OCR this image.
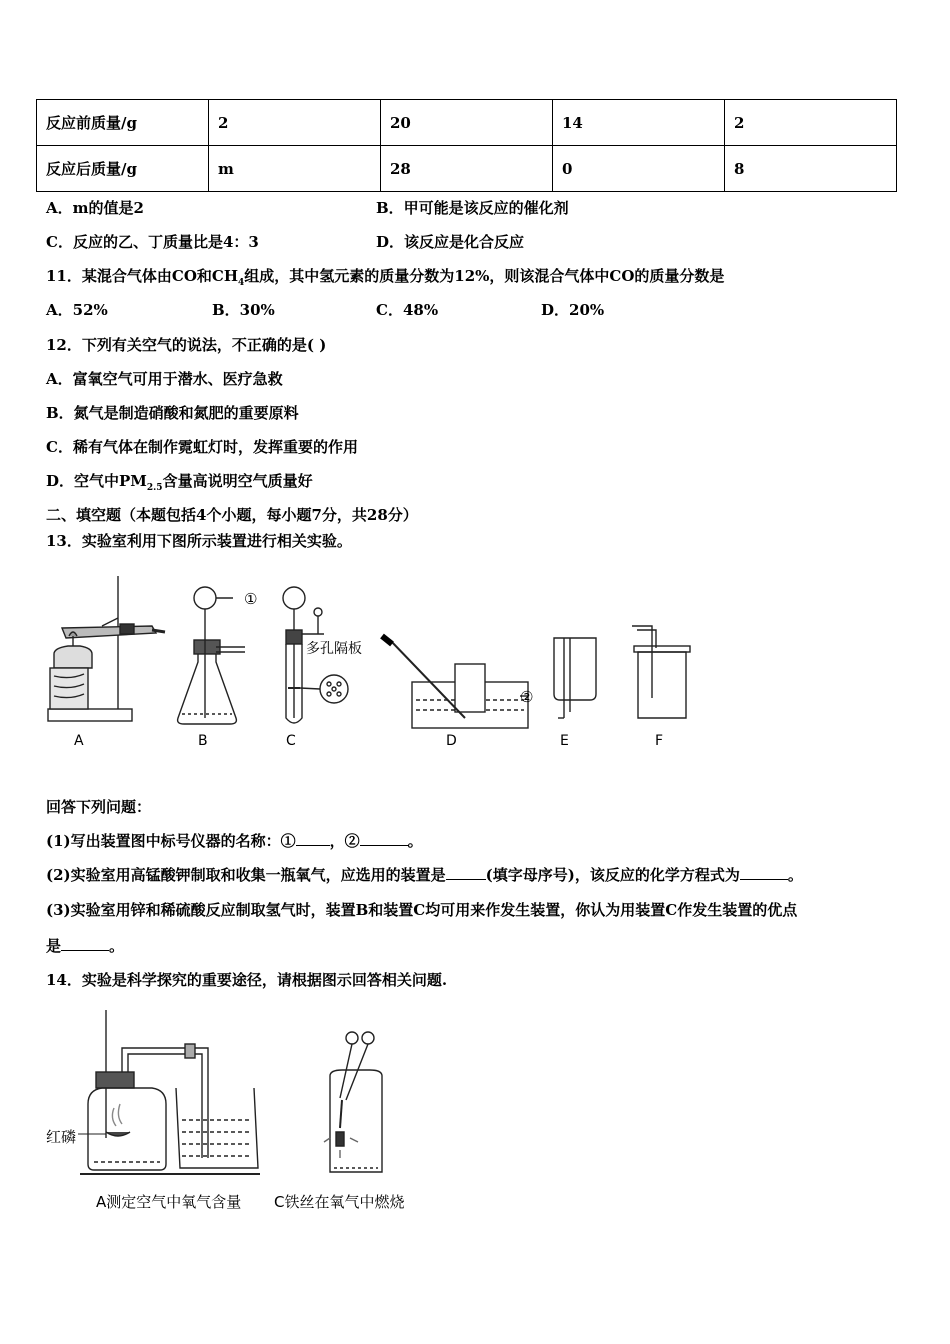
反应前质量/g	2	20	14	2
反应后质量/g	m	28	0	8
A．m的值是2	B．甲可能是该反应的催化剂
C．反应的乙、丁质量比是4：3	D．该反应是化合反应
11．某混合气体由CO和$CH_4$组成，其中氢元素的质量分数为12%，则该混合气体中CO的质量分数是
A．52%	B．30%	C．48%	D．20%
12．下列有关空气的说法，不正确的是( )
A．富氧空气可用于潜水、医疗急救
B．氮气是制造硝酸和氮肥的重要原料
C．稀有气体在制作霓虹灯时，发挥重要的作用
D．空气中$PM_{2.5}$含量高说明空气质量好
二、填空题（本题包括4个小题，每小题7分，共28分）
13．实验室利用下图所示装置进行相关实验。
①
多孔隔板
②
A	B	C	D	E	F
回答下列问题：
(1)写出装置图中标号仪器的名称：① ，②	。
(2)实验室用高锰酸钾制取和收集一瓶氧气，应选用的装置是	(填字母序号)，该反应的化学方程式为	。
(3)实验室用锌和稀硫酸反应制取氢气时，装置B和装置C均可用来作发生装置，你认为用装置C作发生装置的优点
是	。
14．实验是科学探究的重要途径，请根据图示回答相关问题.
红磷
A测定空气中氧气含量 C铁丝在氧气中燃烧
